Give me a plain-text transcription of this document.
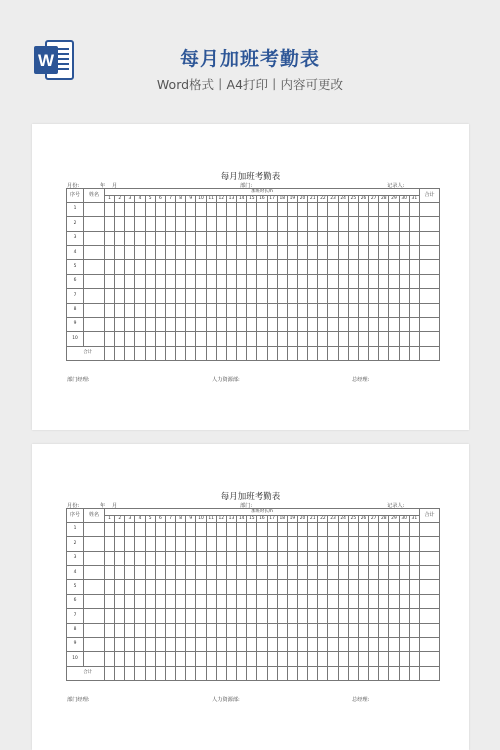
W	每月加班考勤表
Word格式丨A4打印丨内容可更改
每月加班考勤表
月份:	年 月	部门:	记录人:
序号	姓名	加班时长/h																															合计
		1	2	3	4	5	6	7	8	9	10	11	12	13	14	15	16	17	18	19	20	21	22	23	24	25	26	27	28	29	30	31	
1																																	
2																																	
3																																	
4																																	
5																																	
6																																	
7																																	
8																																	
9																																	
10																																	
合计																																	
部门经理:	人力资源部:	总经理:
每月加班考勤表
月份:	年 月	部门:	记录人:
序号	姓名	加班时长/h																															合计
		1	2	3	4	5	6	7	8	9	10	11	12	13	14	15	16	17	18	19	20	21	22	23	24	25	26	27	28	29	30	31	
1																																	
2																																	
3																																	
4																																	
5																																	
6																																	
7																																	
8																																	
9																																	
10																																	
合计																																	
部门经理:	人力资源部:	总经理:
